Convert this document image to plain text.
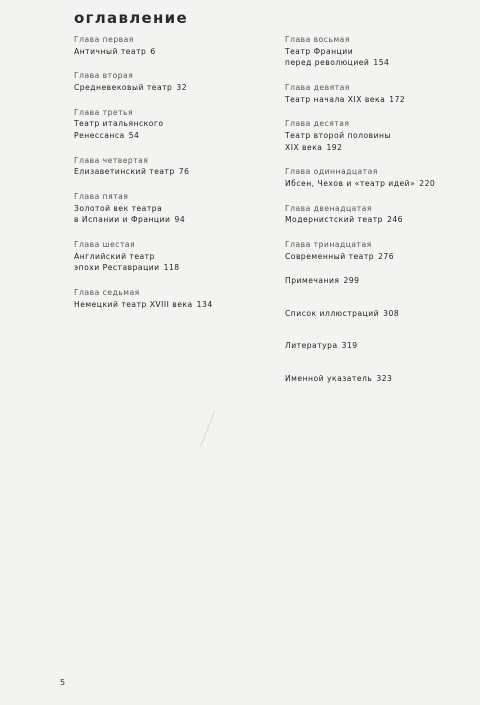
оглавление
Глава первая
Античный театр 6
Глава вторая
Средневековый театр 32
Глава третья
Театр итальянского
Ренессанса 54
Глава четвертая
Елизаветинский театр 76
Глава пятая
Золотой век театра
в Испании и Франции 94
Глава шестая
Английский театр
эпохи Реставрации 118
Глава седьмая
Немецкий театр XVIII века 134
Глава восьмая
Театр Франции
перед революцией 154
Глава девятая
Театр начала XIX века 172
Глава десятая
Театр второй половины
XIX века 192
Глава одиннадцатая
Ибсен, Чехов и «театр идей» 220
Глава двенадцатая
Модернистский театр 246
Глава тринадцатая
Современный театр 276
Примечания 299
Список иллюстраций 308
Литература 319
Именной указатель 323
5
